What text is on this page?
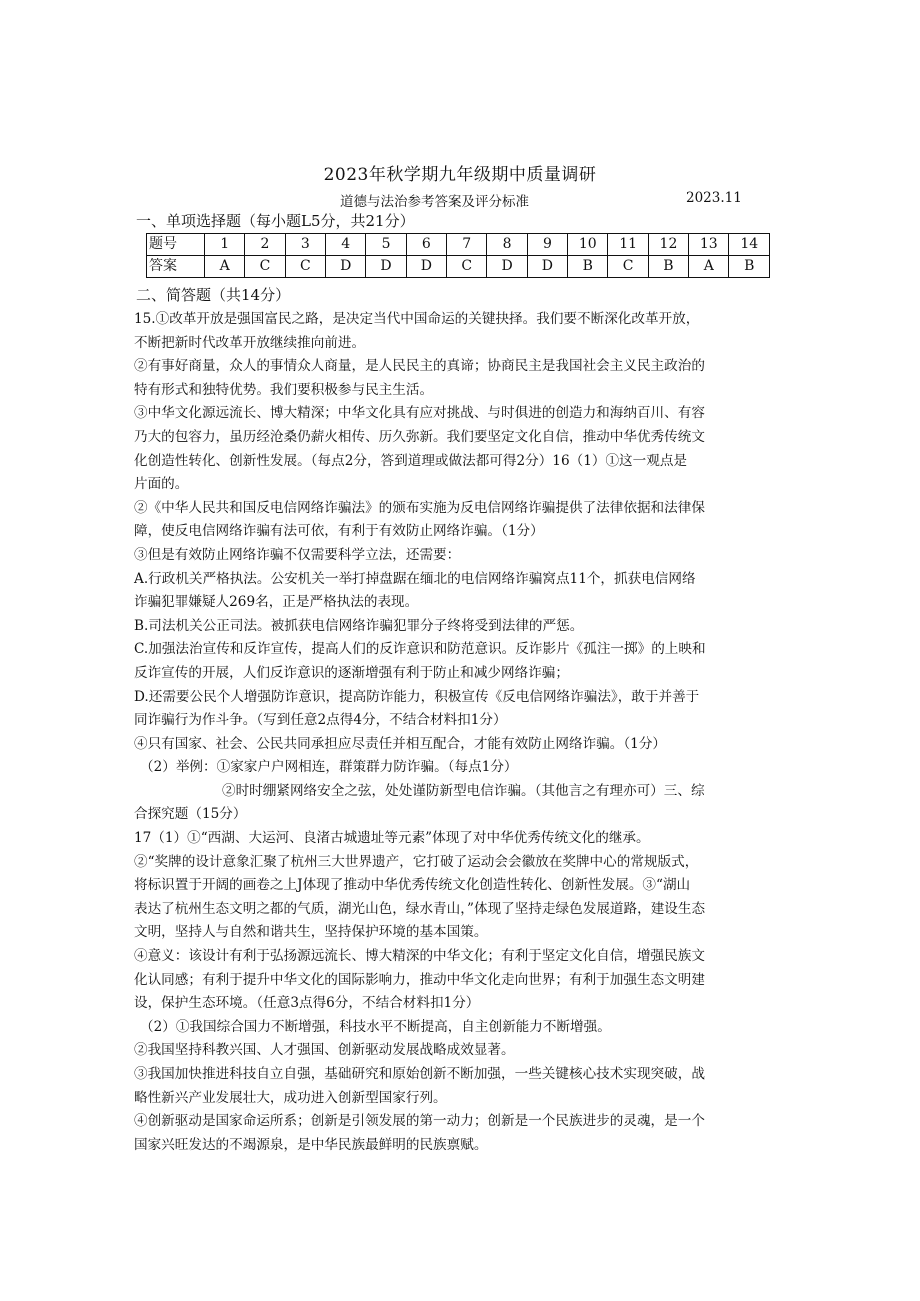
2023年秋学期九年级期中质量调研
道德与法治参考答案及评分标准	2023.11
一、单项选择题（每小题L5分，共21分）
题号	1	2	3	4	5	6	7	8	9	10	11	12	13	14
答案	A	C	C	D	D	D	C	D	D	B	C	B	A	B
二、简答题（共14分）

15.①改革开放是强国富民之路，是决定当代中国命运的关键抉择。我们要不断深化改革开放，

不断把新时代改革开放继续推向前进。

②有事好商量，众人的事情众人商量，是人民民主的真谛；协商民主是我国社会主义民主政治的

特有形式和独特优势。我们要积极参与民主生活。

③中华文化源远流长、博大精深；中华文化具有应对挑战、与时俱进的创造力和海纳百川、有容

乃大的包容力，虽历经沧桑仍薪火相传、历久弥新。我们要坚定文化自信，推动中华优秀传统文

化创造性转化、创新性发展。（每点2分，答到道理或做法都可得2分）16（1）①这一观点是

片面的。

②《中华人民共和国反电信网络诈骗法》的颁布实施为反电信网络诈骗提供了法律依据和法律保

障，使反电信网络诈骗有法可依，有利于有效防止网络诈骗。（1分）

③但是有效防止网络诈骗不仅需要科学立法，还需要：

A.行政机关严格执法。公安机关一举打掉盘踞在缅北的电信网络诈骗窝点11个，抓获电信网络

诈骗犯罪嫌疑人269名，正是严格执法的表现。

B.司法机关公正司法。被抓获电信网络诈骗犯罪分子终将受到法律的严惩。

C.加强法治宣传和反诈宣传，提高人们的反诈意识和防范意识。反诈影片《孤注一掷》的上映和

反诈宣传的开展，人们反诈意识的逐渐增强有利于防止和减少网络诈骗；

D.还需要公民个人增强防诈意识，提高防诈能力，积极宣传《反电信网络诈骗法》，敢于并善于

同诈骗行为作斗争。（写到任意2点得4分，不结合材料扣1分）

④只有国家、社会、公民共同承担应尽责任并相互配合，才能有效防止网络诈骗。（1分）

（2）举例：①家家户户网相连，群策群力防诈骗。（每点1分）

②时时绷紧网络安全之弦，处处谨防新型电信诈骗。（其他言之有理亦可）三、综

合探究题（15分）

17（1）①“西湖、大运河、良渚古城遗址等元素”体现了对中华优秀传统文化的继承。

②“奖牌的设计意象汇聚了杭州三大世界遗产，它打破了运动会会徽放在奖牌中心的常规版式，

将标识置于开阔的画卷之上J体现了推动中华优秀传统文化创造性转化、创新性发展。③“湖山

表达了杭州生态文明之都的气质，湖光山色，绿水青山，”体现了坚持走绿色发展道路，建设生态

文明，坚持人与自然和谐共生，坚持保护环境的基本国策。

④意义：该设计有利于弘扬源远流长、博大精深的中华文化；有利于坚定文化自信，增强民族文

化认同感；有利于提升中华文化的国际影响力，推动中华文化走向世界；有利于加强生态文明建

设，保护生态环境。（任意3点得6分，不结合材料扣1分）

（2）①我国综合国力不断增强，科技水平不断提高，自主创新能力不断增强。

②我国坚持科教兴国、人才强国、创新驱动发展战略成效显著。

③我国加快推进科技自立自强，基础研究和原始创新不断加强，一些关键核心技术实现突破，战

略性新兴产业发展壮大，成功进入创新型国家行列。

④创新驱动是国家命运所系；创新是引领发展的第一动力；创新是一个民族进步的灵魂，是一个

国家兴旺发达的不竭源泉，是中华民族最鲜明的民族禀赋。
